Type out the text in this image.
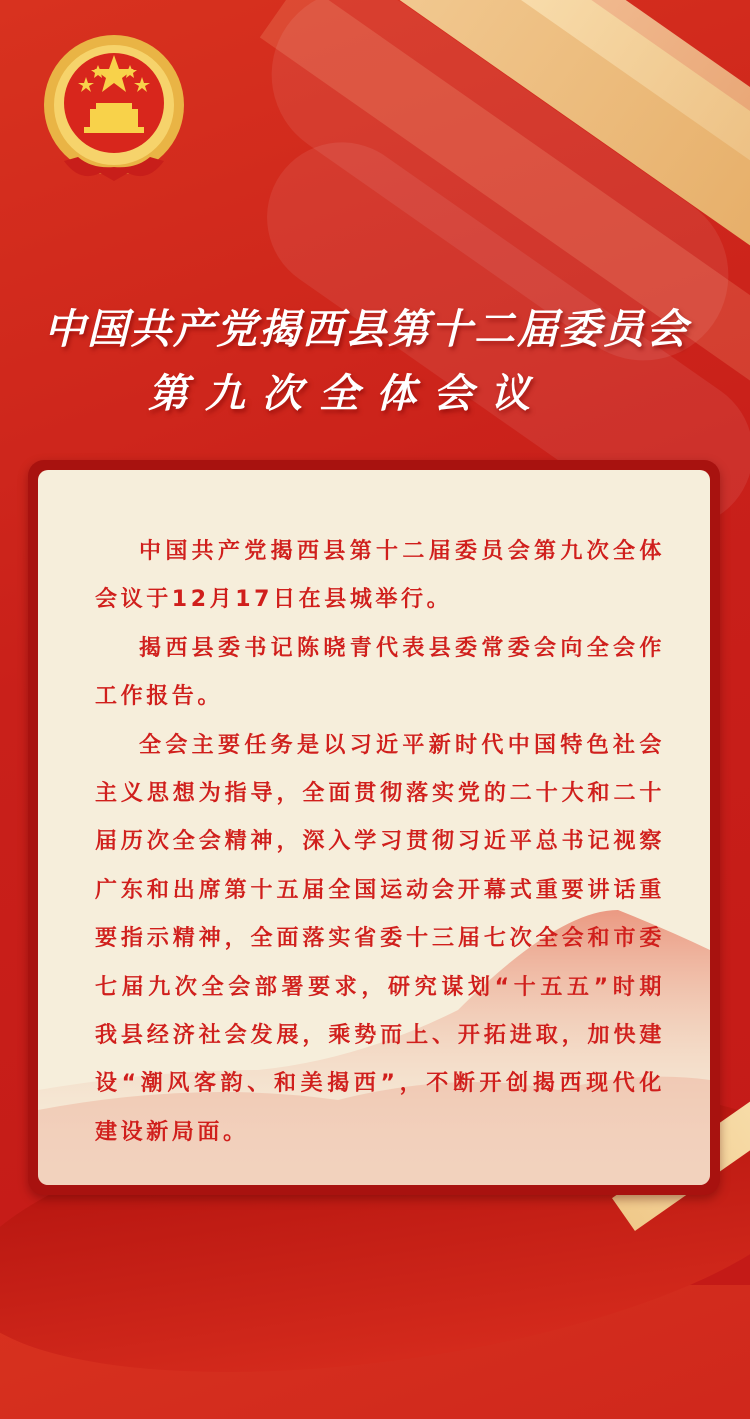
中国共产党揭西县第十二届委员会
第九次全体会议

中国共产党揭西县第十二届委员会第九次全体会议于12月17日在县城举行。

揭西县委书记陈晓青代表县委常委会向全会作工作报告。

全会主要任务是以习近平新时代中国特色社会主义思想为指导，全面贯彻落实党的二十大和二十届历次全会精神，深入学习贯彻习近平总书记视察广东和出席第十五届全国运动会开幕式重要讲话重要指示精神，全面落实省委十三届七次全会和市委七届九次全会部署要求，研究谋划“十五五”时期我县经济社会发展，乘势而上、开拓进取，加快建设“潮风客韵、和美揭西”，不断开创揭西现代化建设新局面。
